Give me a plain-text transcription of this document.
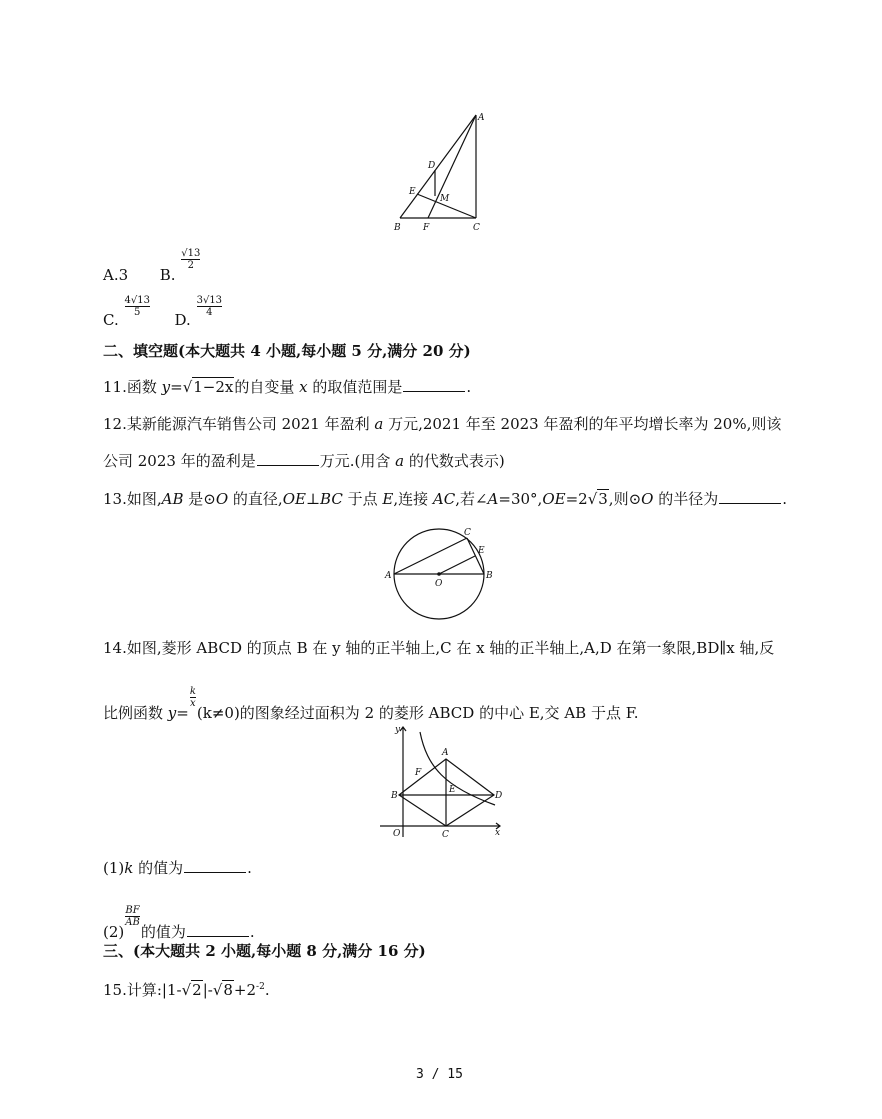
A
D
E
M
B F	C
A.3 B.
$\frac{√13}{2}$
C.
$\frac{4√13}{5}$
D.
$\frac{3√13}{4}$
二、填空题(本大题共 4 小题,每小题 5 分,满分 20 分)
11.函数 y=√1−2x的自变量 x 的取值范围是	.
12.某新能源汽车销售公司 2021 年盈利 a 万元,2021 年至 2023 年盈利的年平均增长率为 20%,则该
公司 2023 年的盈利是	万元.(用含 a 的代数式表示)
13.如图,AB 是⊙O 的直径,OE⊥BC 于点 E,连接 AC,若∠A=30°,OE=2√3,则⊙O 的半径为	.
C
E
A
O
B
14.如图,菱形 ABCD 的顶点 B 在 y 轴的正半轴上,C 在 x 轴的正半轴上,A,D 在第一象限,BD∥x 轴,反
比例函数 y=
$\frac{k}{x}$
(k≠0)的图象经过面积为 2 的菱形 ABCD 的中心 E,交 AB 于点 F.
y
A
F
B
E
D
O	C	x
(1)k 的值为	.
(2)
$\frac{BF}{AB}$
的值为	.
三、(本大题共 2 小题,每小题 8 分,满分 16 分)
15.计算$:|1-√2|-√8+2^{-2}$.
3 / 15
